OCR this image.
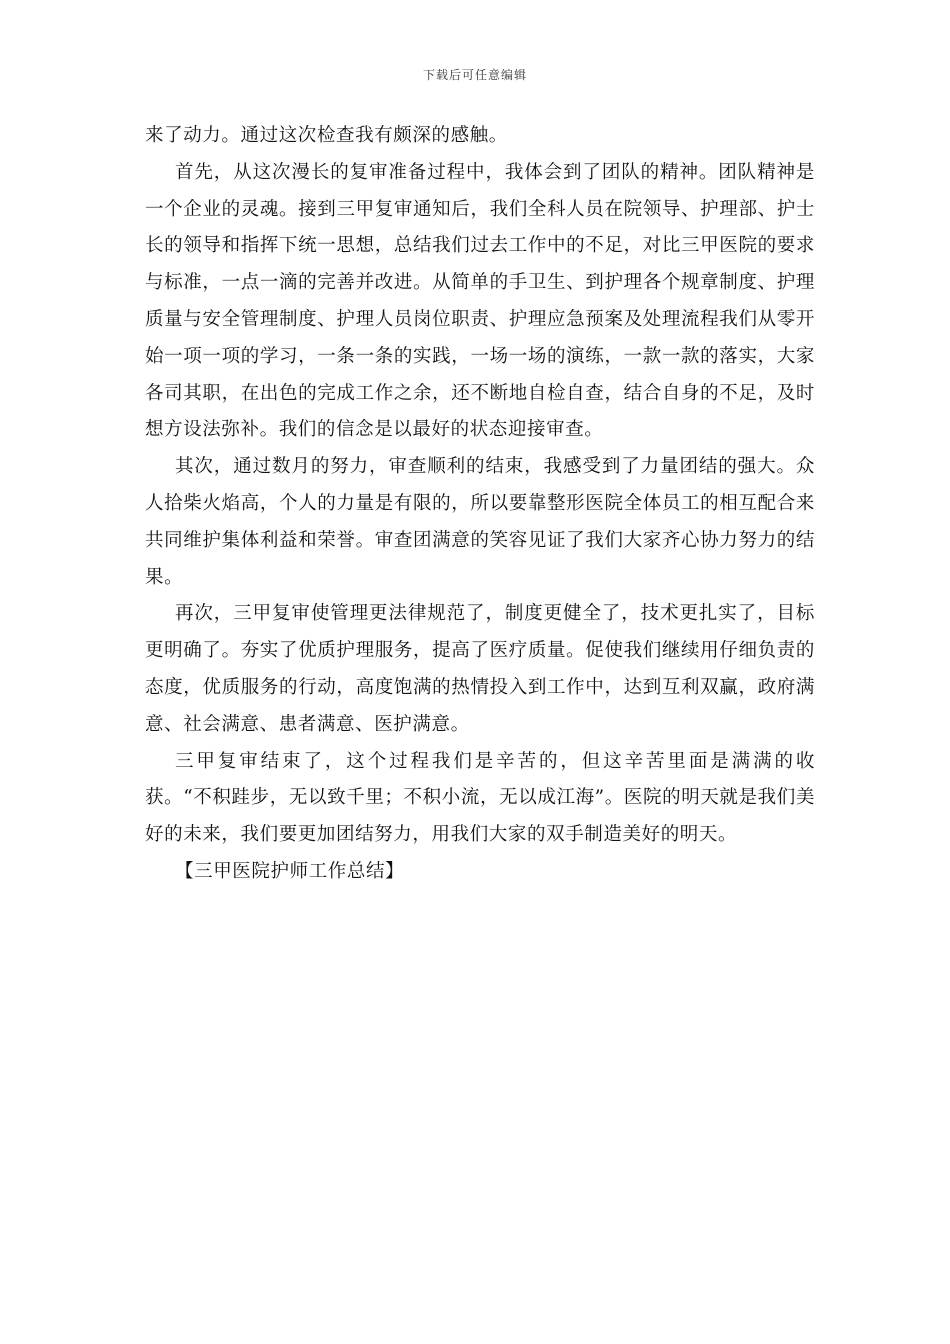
下载后可任意编辑

来了动力。通过这次检查我有颇深的感触。

首先，从这次漫长的复审准备过程中，我体会到了团队的精神。团队精神是一个企业的灵魂。接到三甲复审通知后，我们全科人员在院领导、护理部、护士长的领导和指挥下统一思想，总结我们过去工作中的不足，对比三甲医院的要求与标准，一点一滴的完善并改进。从简单的手卫生、到护理各个规章制度、护理质量与安全管理制度、护理人员岗位职责、护理应急预案及处理流程我们从零开始一项一项的学习，一条一条的实践，一场一场的演练，一款一款的落实，大家各司其职，在出色的完成工作之余，还不断地自检自查，结合自身的不足，及时想方设法弥补。我们的信念是以最好的状态迎接审查。

其次，通过数月的努力，审查顺利的结束，我感受到了力量团结的强大。众人拾柴火焰高，个人的力量是有限的，所以要靠整形医院全体员工的相互配合来共同维护集体利益和荣誉。审查团满意的笑容见证了我们大家齐心协力努力的结果。

再次，三甲复审使管理更法律规范了，制度更健全了，技术更扎实了，目标更明确了。夯实了优质护理服务，提高了医疗质量。促使我们继续用仔细负责的态度，优质服务的行动，高度饱满的热情投入到工作中，达到互利双赢，政府满意、社会满意、患者满意、医护满意。

三甲复审结束了，这个过程我们是辛苦的，但这辛苦里面是满满的收获。“不积跬步，无以致千里；不积小流，无以成江海”。医院的明天就是我们美好的未来，我们要更加团结努力，用我们大家的双手制造美好的明天。

【三甲医院护师工作总结】
